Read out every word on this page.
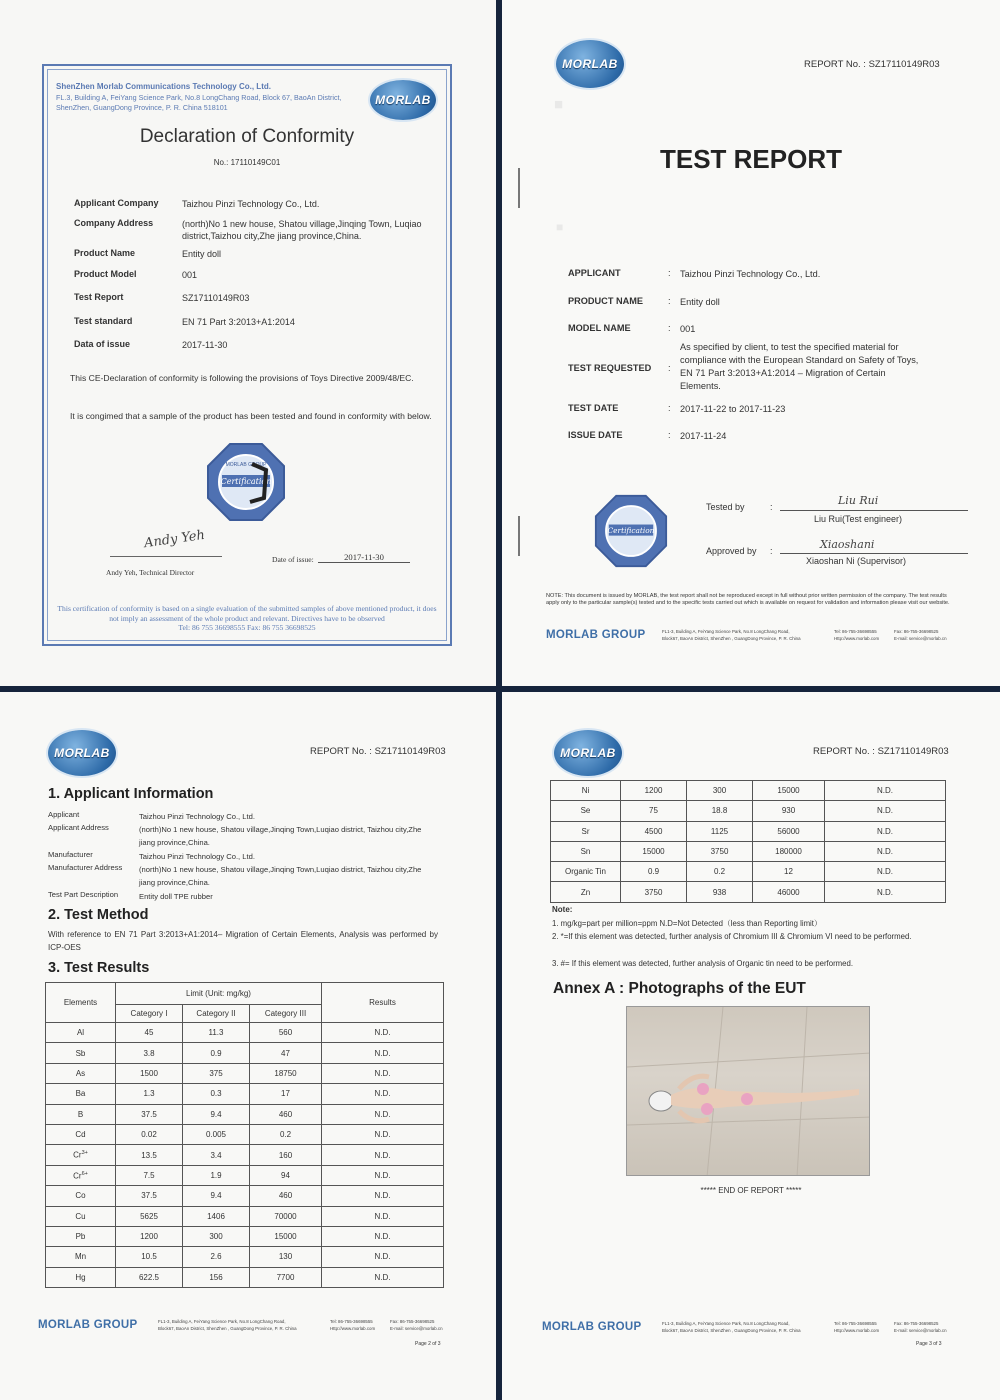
ShenZhen Morlab Communications Technology Co., Ltd.
FL.3, Building A, FeiYang Science Park, No.8 LongChang Road, Block 67, BaoAn District, ShenZhen, GuangDong Province, P. R. China 518101
MORLAB
Declaration of Conformity
No.: 17110149C01
Applicant Company	Taizhou Pinzi Technology Co., Ltd.
Company Address	(north)No 1 new house, Shatou village,Jinqing Town, Luqiao district,Taizhou city,Zhe jiang province,China.
Product Name	Entity doll
Product Model	001
Test Report	SZ17110149R03
Test standard	EN 71 Part 3:2013+A1:2014
Data of issue	2017-11-30
This CE-Declaration of conformity is following the provisions of Toys Directive 2009/48/EC.
It is congimed that a sample of the product has been tested and found in conformity with below.
Certification
MORLAB GROUP
Andy Yeh
Andy Yeh, Technical Director
Date of issue:	2017-11-30
This certification of conformity is based on a single evaluation of the submitted samples of above mentioned product, it does not imply an assessment of the whole product and relevant. Directives have to be observed
Tel: 86 755 36698555 Fax: 86 755 36698525
MORLAB	REPORT No. : SZ17110149R03
■
■
TEST REPORT
APPLICANT	: Taizhou Pinzi Technology Co., Ltd.
PRODUCT NAME	: Entity doll
MODEL NAME	: 001
TEST REQUESTED	:
As specified by client, to test the specified material for compliance with the European Standard on Safety of Toys, EN 71 Part 3:2013+A1:2014 – Migration of Certain Elements.
TEST DATE	: 2017-11-22 to 2017-11-23
ISSUE DATE	: 2017-11-24
Certification
Tested by	:	Liu Rui
Liu Rui(Test engineer)
Approved by :	Xiaoshani
Xiaoshan Ni (Supervisor)
NOTE: This document is issued by MORLAB, the test report shall not be reproduced except in full without prior written permission of the company. The test results apply only to the particular sample(s) tested and to the specific tests carried out which is available on request for validation and information please visit our website.
MORLAB GROUP	FL1-3, Building A, FeiYang Science Park, No.8 LongChang Road,
Block67, BaoAn District, ShenZhen , GuangDong Province, P. R. China
Tel: 86-755-36698555
Http://www.morlab.com
Fax: 86-755-36698525
E-mail: service@morlab.cn
MORLAB	REPORT No. : SZ17110149R03
1. Applicant Information
Applicant	Taizhou Pinzi Technology Co., Ltd.
Applicant Address	(north)No 1 new house, Shatou village,Jinqing Town,Luqiao district, Taizhou city,Zhe jiang province,China.
Manufacturer	Taizhou Pinzi Technology Co., Ltd.
Manufacturer Address	(north)No 1 new house, Shatou village,Jinqing Town,Luqiao district, Taizhou city,Zhe jiang province,China.
Test Part Description	Entity doll TPE rubber
2. Test Method
With reference to EN 71 Part 3:2013+A1:2014– Migration of Certain Elements, Analysis was performed by ICP-OES
3. Test Results
Elements	Limit (Unit: mg/kg)			Results
	Category I	Category II	Category III	
Al	45	11.3	560	N.D.
Sb	3.8	0.9	47	N.D.
As	1500	375	18750	N.D.
Ba	1.3	0.3	17	N.D.
B	37.5	9.4	460	N.D.
Cd	0.02	0.005	0.2	N.D.
$Cr^{3+}$	13.5	3.4	160	N.D.
$Cr^{6+}$	7.5	1.9	94	N.D.
Co	37.5	9.4	460	N.D.
Cu	5625	1406	70000	N.D.
Pb	1200	300	15000	N.D.
Mn	10.5	2.6	130	N.D.
Hg	622.5	156	7700	N.D.
MORLAB GROUP	FL1-3, Building A, FeiYang Science Park, No.8 LongChang Road,
Block67, BaoAn District, ShenZhen , GuangDong Province, P. R. China
Tel: 86-755-36698555
Http://www.morlab.com
Fax: 86-755-36698525
E-mail: service@morlab.cn
Page 2 of 3
MORLAB	REPORT No. : SZ17110149R03
Ni	1200	300	15000	N.D.
Se	75	18.8	930	N.D.
Sr	4500	1125	56000	N.D.
Sn	15000	3750	180000	N.D.
Organic Tin	0.9	0.2	12	N.D.
Zn	3750	938	46000	N.D.
Note:
1. mg/kg=part per million=ppm N.D=Not Detected（less than Reporting limit）
2. *=If this element was detected, further analysis of Chromium III & Chromium VI need to be performed.
3. #= If this element was detected, further analysis of Organic tin need to be performed.
Annex A : Photographs of the EUT
***** END OF REPORT *****
MORLAB GROUP	FL1-3, Building A, FeiYang Science Park, No.8 LongChang Road,
Block67, BaoAn District, ShenZhen , GuangDong Province, P. R. China
Tel: 86-755-36698555
Http://www.morlab.com
Fax: 86-755-36698525
E-mail: service@morlab.cn
Page 3 of 3
